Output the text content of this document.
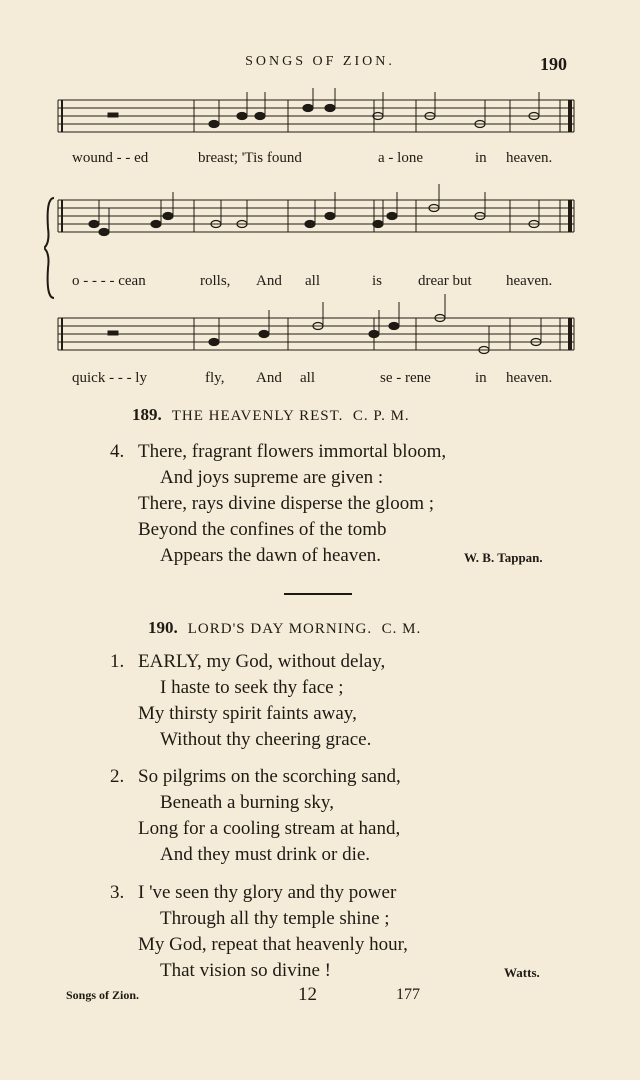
SONGS OF ZION.	190
wound - - ed	breast; 'Tis found	a - lone	in heaven.
o - - - - cean	rolls, And all	is drear but heaven.
quick - - - ly	fly, And all	se - rene	in heaven.
189. THE HEAVENLY REST. C. P. M.
4. There, fragrant flowers immortal bloom,
And joys supreme are given :
There, rays divine disperse the gloom ;
Beyond the confines of the tomb
Appears the dawn of heaven.	W. B. Tappan.
190. LORD'S DAY MORNING. C. M.
1. EARLY, my God, without delay,
I haste to seek thy face ;
My thirsty spirit faints away,
Without thy cheering grace.
2. So pilgrims on the scorching sand,
Beneath a burning sky,
Long for a cooling stream at hand,
And they must drink or die.
3. I 've seen thy glory and thy power
Through all thy temple shine ;
My God, repeat that heavenly hour,
That vision so divine !	Watts.
Songs of Zion.	12	177
